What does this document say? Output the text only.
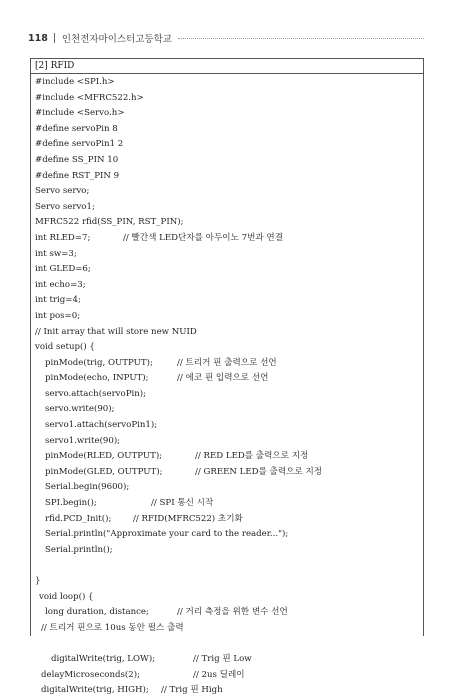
118 인천전자마이스터고등학교
[2] RFID
#include <SPI.h>
#include <MFRC522.h>
#include <Servo.h>
#define servoPin 8
#define servoPin1 2
#define SS_PIN 10
#define RST_PIN 9
Servo servo;
Servo servo1;
MFRC522 rfid(SS_PIN, RST_PIN);
int RLED=7;	// 빨간색 LED단자를 아두이노 7번과 연결
int sw=3;
int GLED=6;
int echo=3;
int trig=4;
int pos=0;
// Init array that will store new NUID
void setup() {
pinMode(trig, OUTPUT);	// 트리거 핀 출력으로 선언
pinMode(echo, INPUT);	// 에코 핀 입력으로 선언
servo.attach(servoPin);
servo.write(90);
servo1.attach(servoPin1);
servo1.write(90);
pinMode(RLED, OUTPUT);	// RED LED를 출력으로 지정
pinMode(GLED, OUTPUT);	// GREEN LED를 출력으로 지정
Serial.begin(9600);
SPI.begin();	// SPI 통신 시작
rfid.PCD_Init();	// RFID(MFRC522) 초기화
Serial.println("Approximate your card to the reader...");
Serial.println();
}
void loop() {
long duration, distance;	// 거리 측정을 위한 변수 선언
// 트리거 핀으로 10us 동안 펄스 출력
digitalWrite(trig, LOW);	// Trig 핀 Low
delayMicroseconds(2);	// 2us 딜레이
digitalWrite(trig, HIGH); // Trig 핀 High
